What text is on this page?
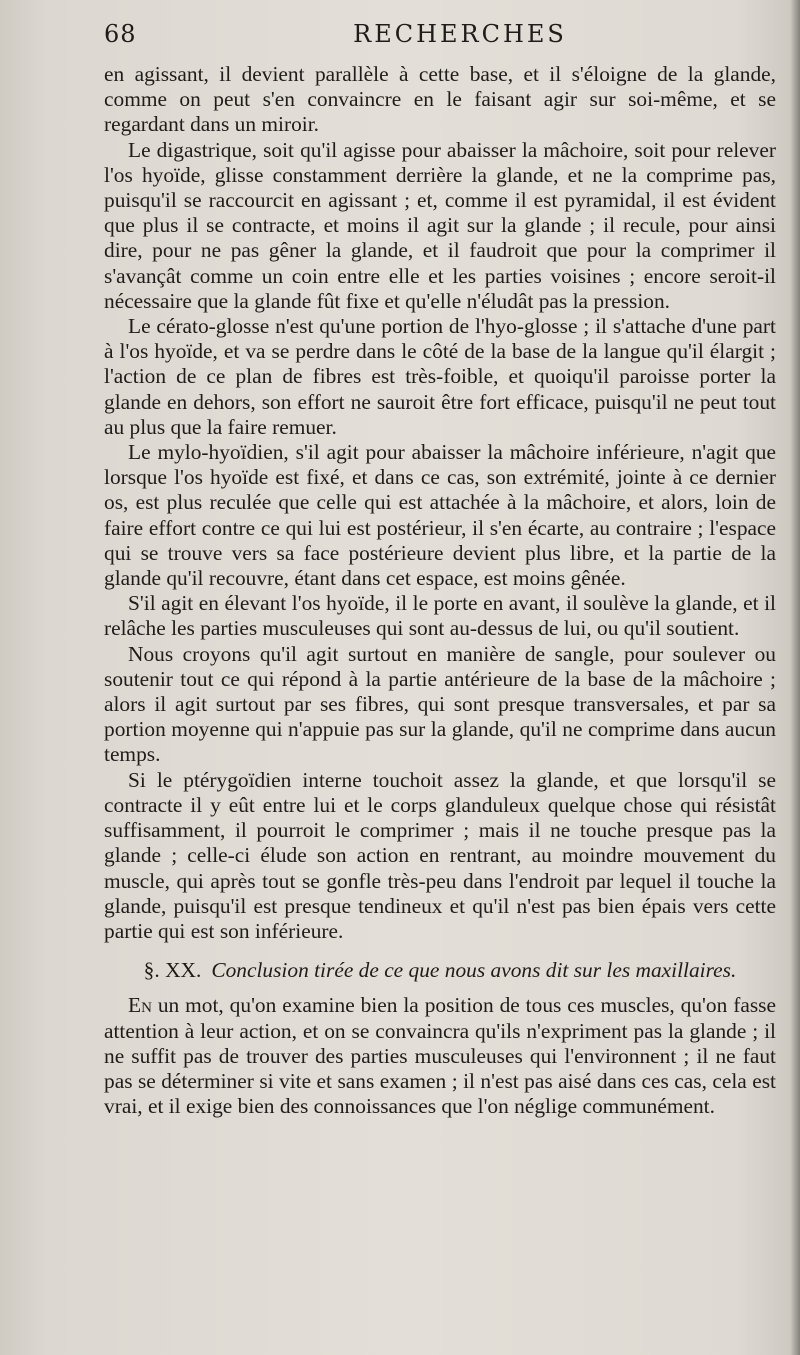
68	RECHERCHES

en agissant, il devient parallèle à cette base, et il s'éloigne de la glande, comme on peut s'en convaincre en le faisant agir sur soi-même, et se regardant dans un miroir.

Le digastrique, soit qu'il agisse pour abaisser la mâchoire, soit pour relever l'os hyoïde, glisse constamment derrière la glande, et ne la comprime pas, puisqu'il se raccourcit en agissant ; et, comme il est pyramidal, il est évident que plus il se contracte, et moins il agit sur la glande ; il recule, pour ainsi dire, pour ne pas gêner la glande, et il faudroit que pour la comprimer il s'avançât comme un coin entre elle et les parties voisines ; encore seroit-il nécessaire que la glande fût fixe et qu'elle n'éludât pas la pression.

Le cérato-glosse n'est qu'une portion de l'hyo-glosse ; il s'attache d'une part à l'os hyoïde, et va se perdre dans le côté de la base de la langue qu'il élargit ; l'action de ce plan de fibres est très-foible, et quoiqu'il paroisse porter la glande en dehors, son effort ne sauroit être fort efficace, puisqu'il ne peut tout au plus que la faire remuer.

Le mylo-hyoïdien, s'il agit pour abaisser la mâchoire inférieure, n'agit que lorsque l'os hyoïde est fixé, et dans ce cas, son extrémité, jointe à ce dernier os, est plus reculée que celle qui est attachée à la mâchoire, et alors, loin de faire effort contre ce qui lui est postérieur, il s'en écarte, au contraire ; l'espace qui se trouve vers sa face postérieure devient plus libre, et la partie de la glande qu'il recouvre, étant dans cet espace, est moins gênée.

S'il agit en élevant l'os hyoïde, il le porte en avant, il soulève la glande, et il relâche les parties musculeuses qui sont au-dessus de lui, ou qu'il soutient.

Nous croyons qu'il agit surtout en manière de sangle, pour soulever ou soutenir tout ce qui répond à la partie antérieure de la base de la mâchoire ; alors il agit surtout par ses fibres, qui sont presque transversales, et par sa portion moyenne qui n'appuie pas sur la glande, qu'il ne comprime dans aucun temps.

Si le ptérygoïdien interne touchoit assez la glande, et que lorsqu'il se contracte il y eût entre lui et le corps glanduleux quelque chose qui résistât suffisamment, il pourroit le comprimer ; mais il ne touche presque pas la glande ; celle-ci élude son action en rentrant, au moindre mouvement du muscle, qui après tout se gonfle très-peu dans l'endroit par lequel il touche la glande, puisqu'il est presque tendineux et qu'il n'est pas bien épais vers cette partie qui est son inférieure.

§. XX. Conclusion tirée de ce que nous avons dit sur les maxillaires.

En un mot, qu'on examine bien la position de tous ces muscles, qu'on fasse attention à leur action, et on se convaincra qu'ils n'expriment pas la glande ; il ne suffit pas de trouver des parties musculeuses qui l'environnent ; il ne faut pas se déterminer si vite et sans examen ; il n'est pas aisé dans ces cas, cela est vrai, et il exige bien des connoissances que l'on néglige communément.
